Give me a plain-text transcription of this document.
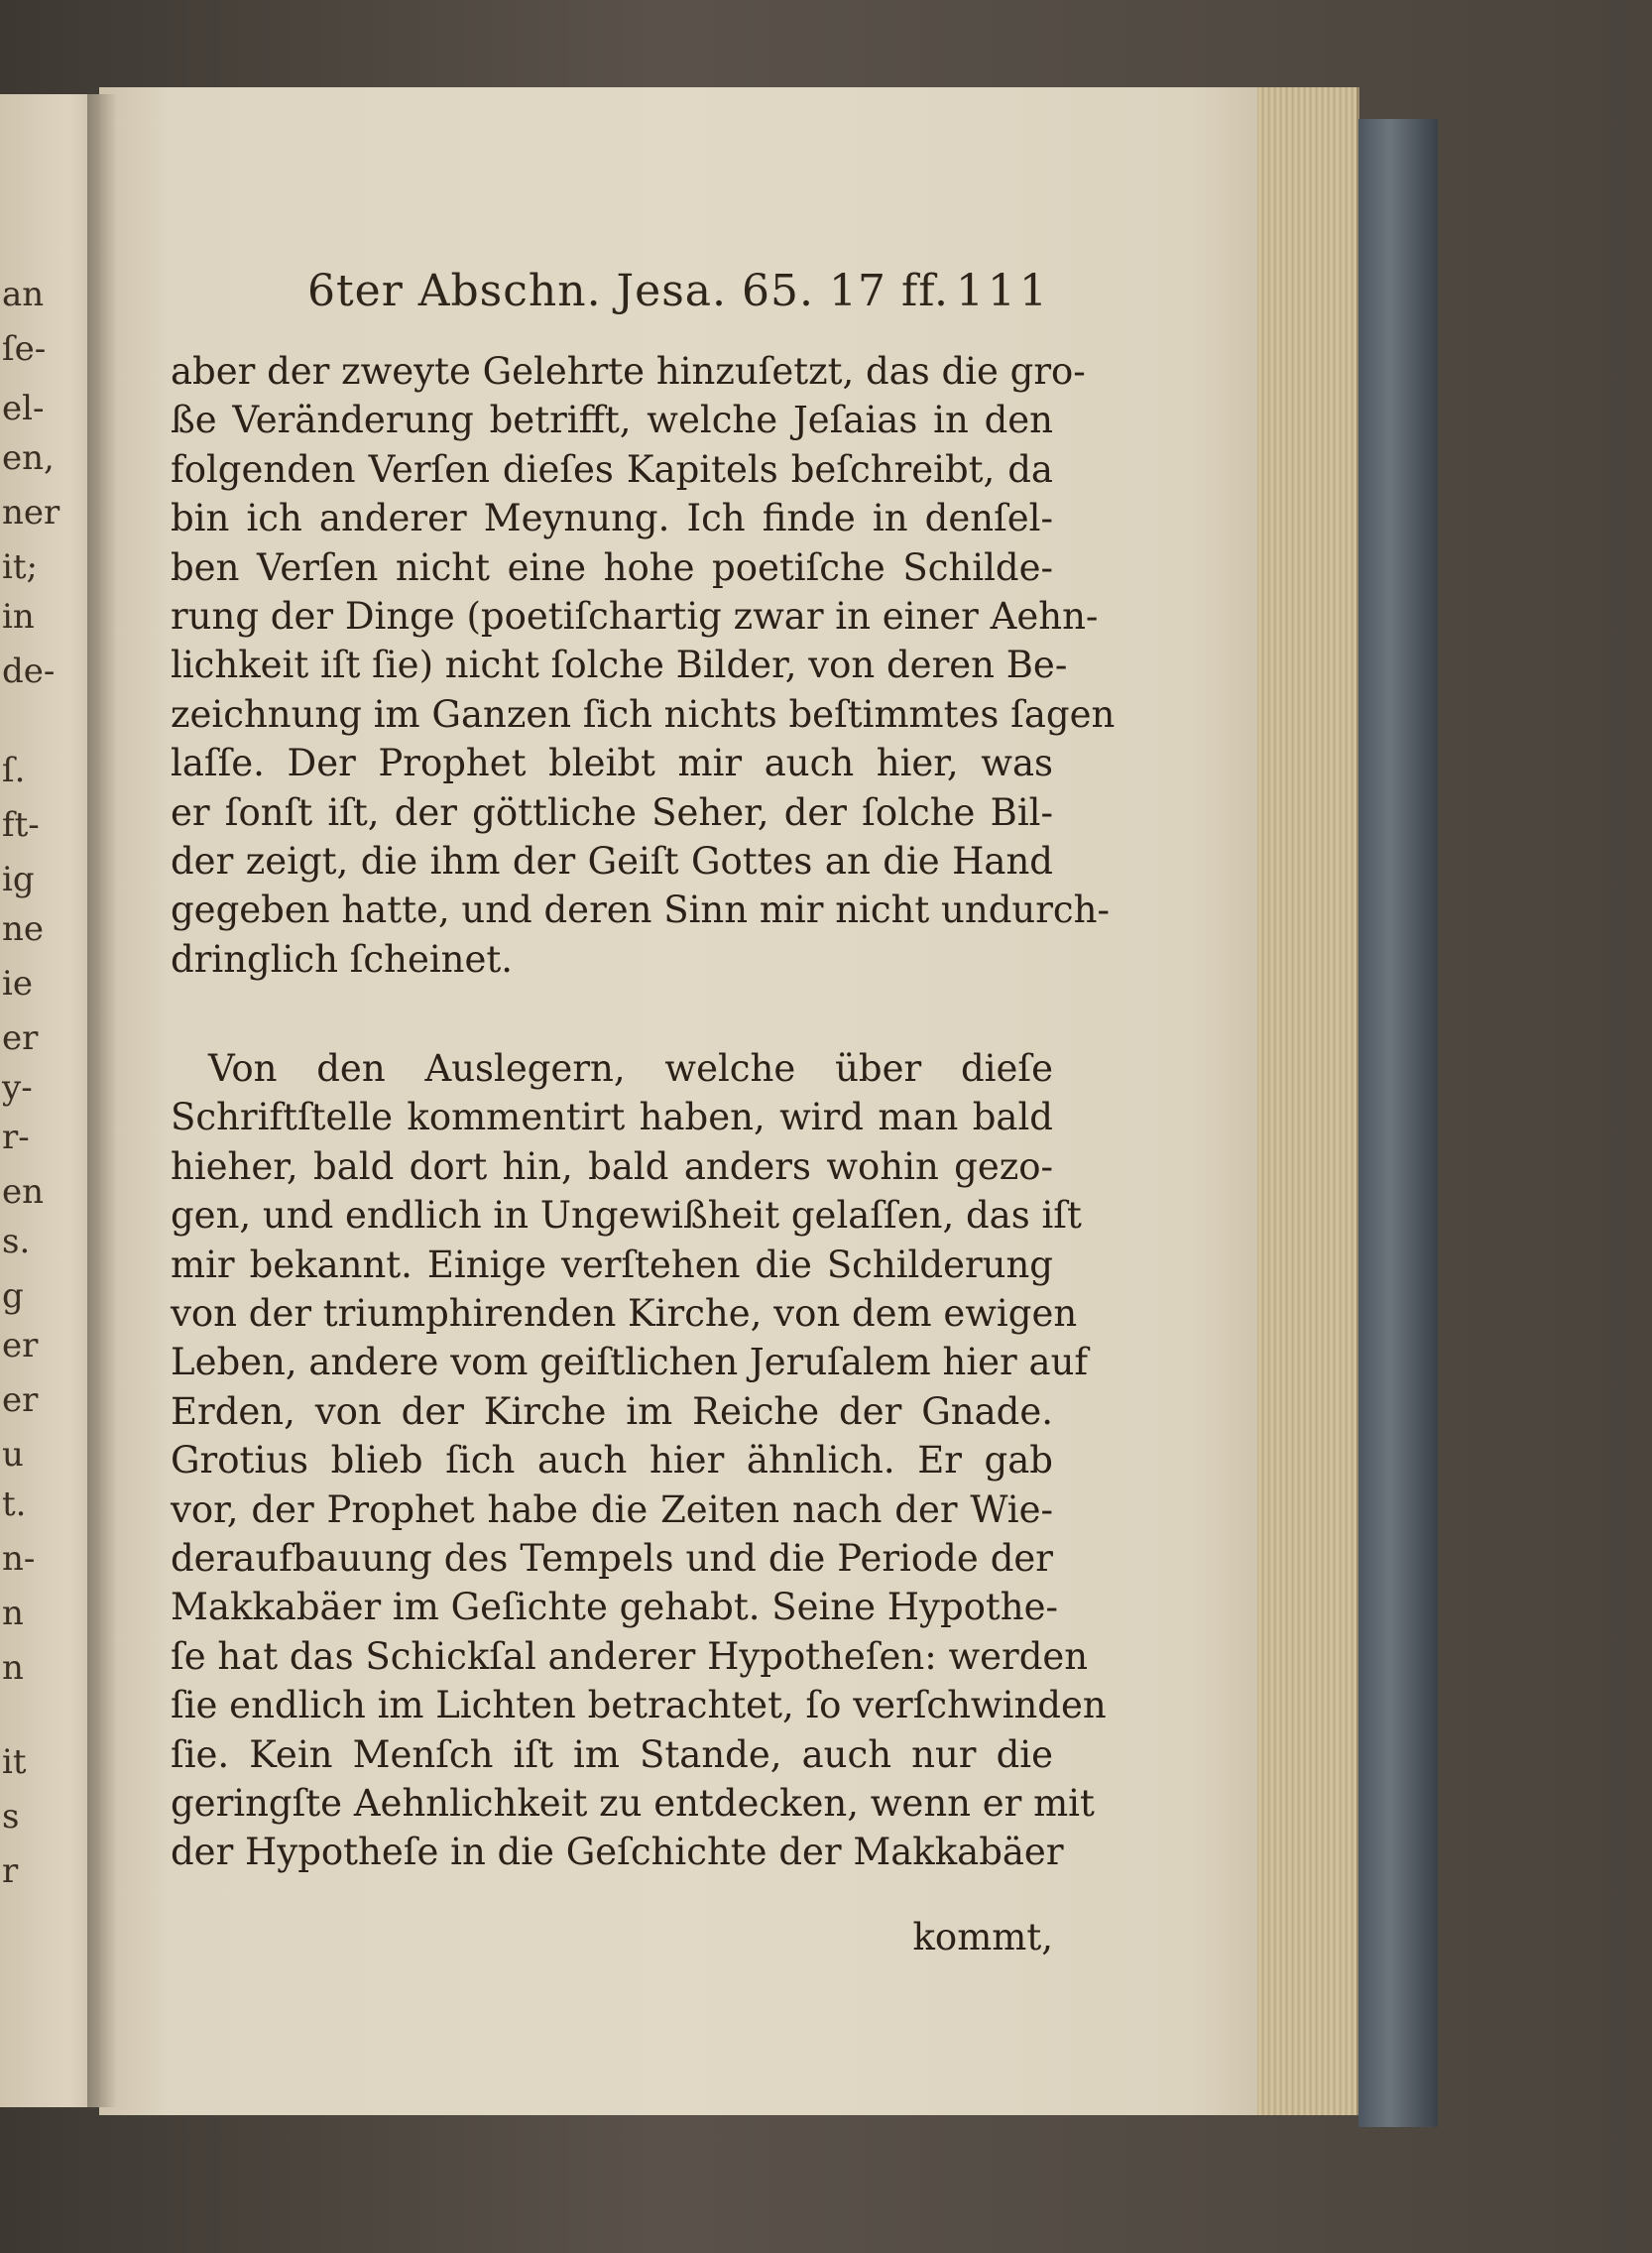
an
ſe-
el-
en,
ner
it;
in
de-
ſ.
ft-
ig
ne
ie
er
y-
r-
en
s.
g
er
er
u
t.
n-
n
n
it
s
r
6ter Abschn. Jesa. 65. 17 ff. 111
aber der zweyte Gelehrte hinzuſetzt, das die gro-
ße Veränderung betrifft, welche Jeſaias in den
folgenden Verſen dieſes Kapitels beſchreibt, da
bin ich anderer Meynung. Ich finde in denſel-
ben Verſen nicht eine hohe poetiſche Schilde-
rung der Dinge (poetiſchartig zwar in einer Aehn-
lichkeit iſt ſie) nicht ſolche Bilder, von deren Be-
zeichnung im Ganzen ſich nichts beſtimmtes ſagen
laſſe. Der Prophet bleibt mir auch hier, was
er ſonſt iſt, der göttliche Seher, der ſolche Bil-
der zeigt, die ihm der Geiſt Gottes an die Hand
gegeben hatte, und deren Sinn mir nicht undurch-
dringlich ſcheinet.
Von den Auslegern, welche über dieſe
Schriftſtelle kommentirt haben, wird man bald
hieher, bald dort hin, bald anders wohin gezo-
gen, und endlich in Ungewißheit gelaſſen, das iſt
mir bekannt. Einige verſtehen die Schilderung
von der triumphirenden Kirche, von dem ewigen
Leben, andere vom geiſtlichen Jeruſalem hier auf
Erden, von der Kirche im Reiche der Gnade.
Grotius blieb ſich auch hier ähnlich. Er gab
vor, der Prophet habe die Zeiten nach der Wie-
deraufbauung des Tempels und die Periode der
Makkabäer im Geſichte gehabt. Seine Hypothe-
ſe hat das Schickſal anderer Hypotheſen: werden
ſie endlich im Lichten betrachtet, ſo verſchwinden
ſie. Kein Menſch iſt im Stande, auch nur die
geringſte Aehnlichkeit zu entdecken, wenn er mit
der Hypotheſe in die Geſchichte der Makkabäer
kommt,
